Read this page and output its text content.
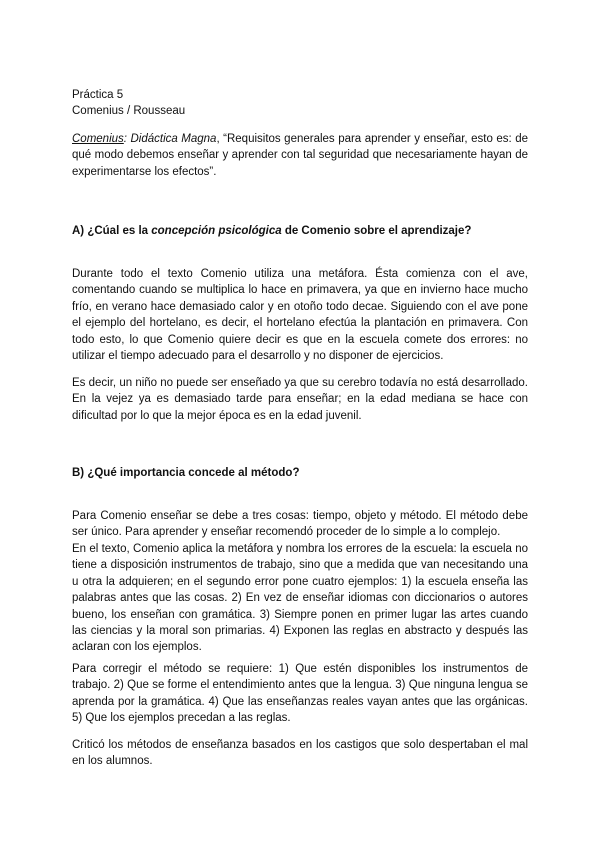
Práctica 5
Comenius / Rousseau

Comenius: Didáctica Magna, “Requisitos generales para aprender y enseñar, esto es: de qué modo debemos enseñar y aprender con tal seguridad que necesariamente hayan de experimentarse los efectos”.

A) ¿Cúal es la concepción psicológica de Comenio sobre el aprendizaje?

Durante todo el texto Comenio utiliza una metáfora. Ésta comienza con el ave, comentando cuando se multiplica lo hace en primavera, ya que en invierno hace mucho frío, en verano hace demasiado calor y en otoño todo decae. Siguiendo con el ave pone el ejemplo del hortelano, es decir, el hortelano efectúa la plantación en primavera. Con todo esto, lo que Comenio quiere decir es que en la escuela comete dos errores: no utilizar el tiempo adecuado para el desarrollo y no disponer de ejercicios.

Es decir, un niño no puede ser enseñado ya que su cerebro todavía no está desarrollado. En la vejez ya es demasiado tarde para enseñar; en la edad mediana se hace con dificultad por lo que la mejor época es en la edad juvenil.

B) ¿Qué importancia concede al método?

Para Comenio enseñar se debe a tres cosas: tiempo, objeto y método. El método debe ser único. Para aprender y enseñar recomendó proceder de lo simple a lo complejo.

En el texto, Comenio aplica la metáfora y nombra los errores de la escuela: la escuela no tiene a disposición instrumentos de trabajo, sino que a medida que van necesitando una u otra la adquieren; en el segundo error pone cuatro ejemplos: 1) la escuela enseña las palabras antes que las cosas. 2) En vez de enseñar idiomas con diccionarios o autores bueno, los enseñan con gramática. 3) Siempre ponen en primer lugar las artes cuando las ciencias y la moral son primarias. 4) Exponen las reglas en abstracto y después las aclaran con los ejemplos.

Para corregir el método se requiere: 1) Que estén disponibles los instrumentos de trabajo. 2) Que se forme el entendimiento antes que la lengua. 3) Que ninguna lengua se aprenda por la gramática. 4) Que las enseñanzas reales vayan antes que las orgánicas. 5) Que los ejemplos precedan a las reglas.

Criticó los métodos de enseñanza basados en los castigos que solo despertaban el mal en los alumnos.
